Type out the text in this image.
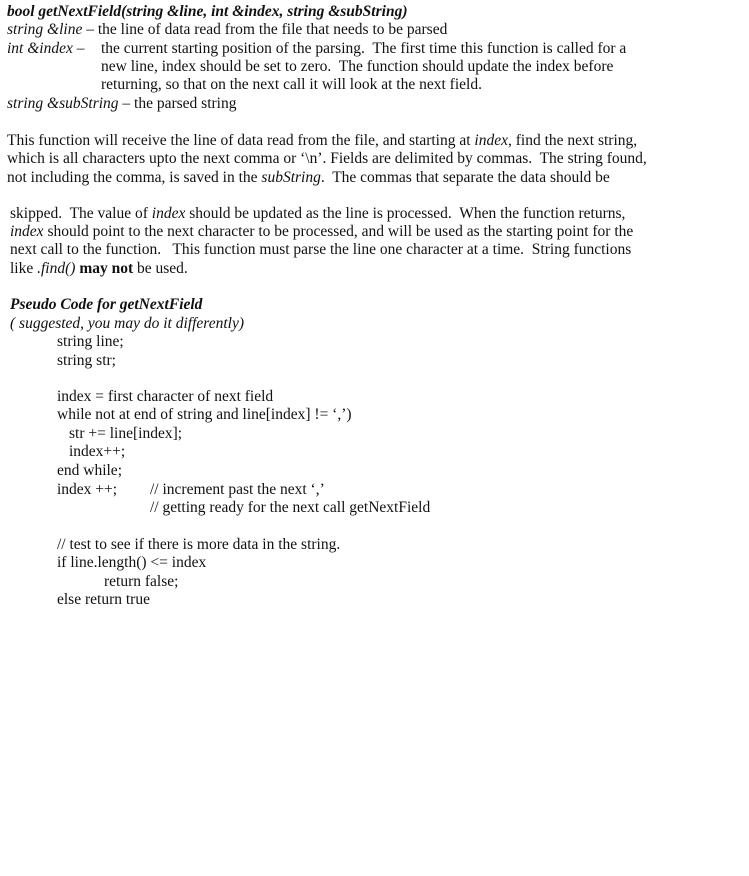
bool getNextField(string &line, int &index, string &subString)
string &line – the line of data read from the file that needs to be parsed
int &index – the current starting position of the parsing.  The first time this function is called for a
new line, index should be set to zero.  The function should update the index before
returning, so that on the next call it will look at the next field.
string &subString – the parsed string
This function will receive the line of data read from the file, and starting at index, find the next string,
which is all characters upto the next comma or ‘\n’. Fields are delimited by commas.  The string found,
not including the comma, is saved in the subString.  The commas that separate the data should be
skipped.  The value of index should be updated as the line is processed.  When the function returns,
index should point to the next character to be processed, and will be used as the starting point for the
next call to the function.   This function must parse the line one character at a time.  String functions
like .find() may not be used.
Pseudo Code for getNextField
( suggested, you may do it differently)
string line;
string str;
index = first character of next field
while not at end of string and line[index] != ‘,’)
str += line[index];
index++;
end while;
index ++; // increment past the next ‘,’
// getting ready for the next call getNextField
// test to see if there is more data in the string.
if line.length() <= index
return false;
else return true
